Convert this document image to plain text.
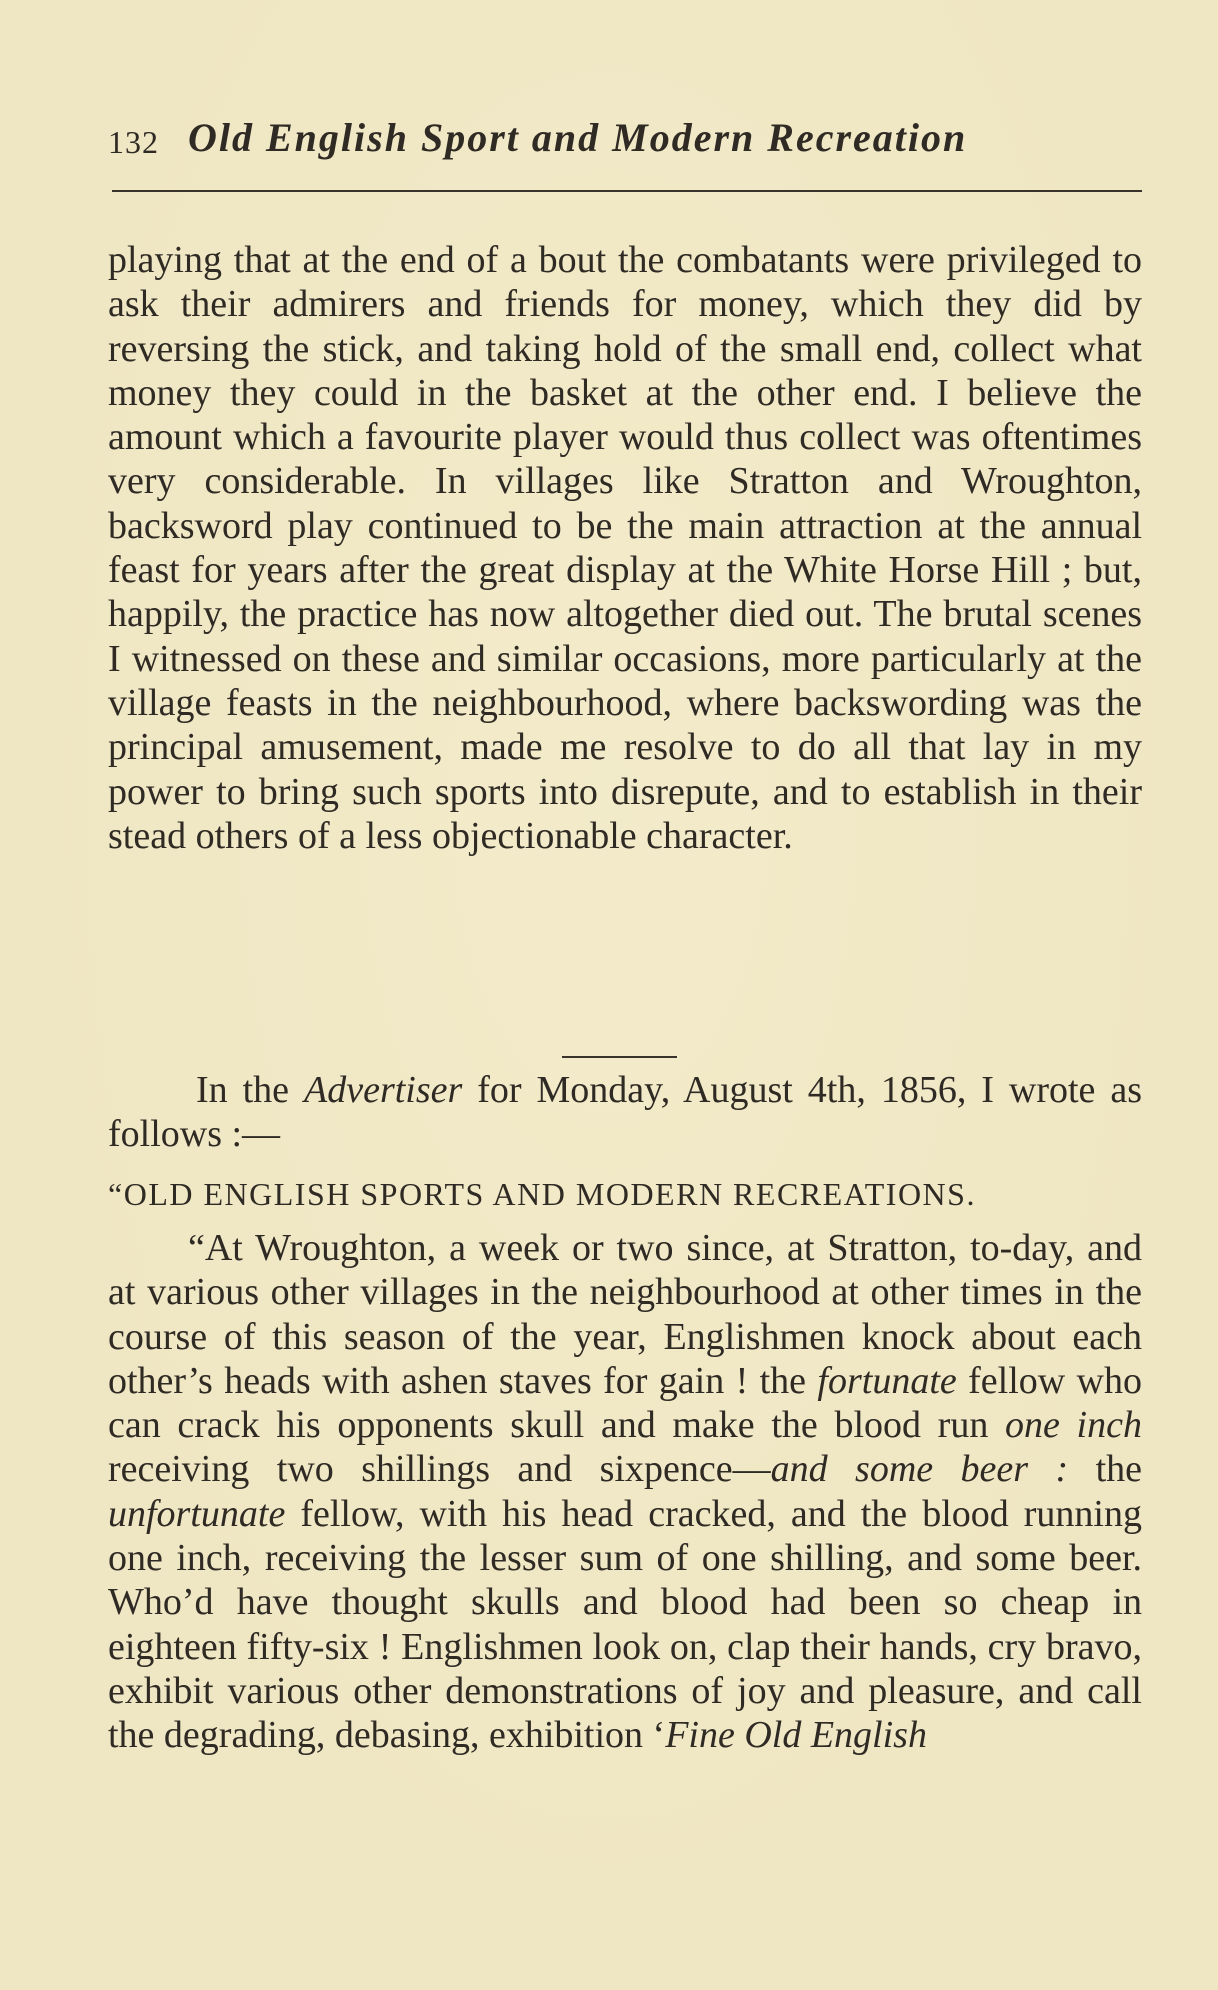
132 Old English Sport and Modern Recreation

playing that at the end of a bout the combatants were privileged to ask their admirers and friends for money, which they did by reversing the stick, and taking hold of the small end, collect what money they could in the basket at the other end. I believe the amount which a favourite player would thus collect was oftentimes very considerable. In villages like Stratton and Wroughton, backsword play continued to be the main attraction at the annual feast for years after the great display at the White Horse Hill ; but, happily, the practice has now altogether died out. The brutal scenes I witnessed on these and similar occasions, more particularly at the village feasts in the neighbourhood, where backswording was the principal amusement, made me resolve to do all that lay in my power to bring such sports into disrepute, and to establish in their stead others of a less objectionable character.

In the Advertiser for Monday, August 4th, 1856, I wrote as follows :—

“OLD ENGLISH SPORTS AND MODERN RECREATIONS.

“At Wroughton, a week or two since, at Stratton, to-day, and at various other villages in the neighbourhood at other times in the course of this season of the year, Englishmen knock about each other’s heads with ashen staves for gain ! the fortunate fellow who can crack his opponents skull and make the blood run one inch receiving two shillings and sixpence—and some beer : the unfortunate fellow, with his head cracked, and the blood running one inch, receiving the lesser sum of one shilling, and some beer. Who’d have thought skulls and blood had been so cheap in eighteen fifty-six ! Englishmen look on, clap their hands, cry bravo, exhibit various other demonstrations of joy and pleasure, and call the degrading, debasing, exhibition ‘Fine Old English
